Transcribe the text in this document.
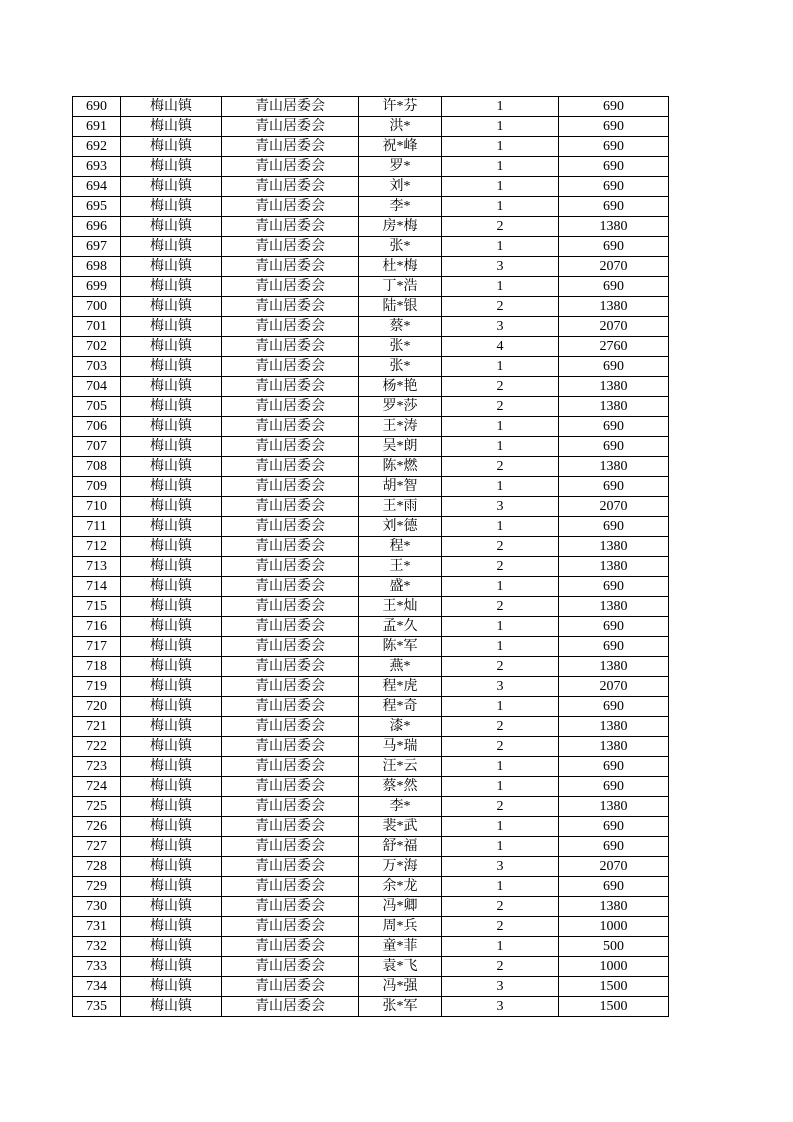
690	梅山镇	青山居委会	许*芬	1	690
691	梅山镇	青山居委会	洪*	1	690
692	梅山镇	青山居委会	祝*峰	1	690
693	梅山镇	青山居委会	罗*	1	690
694	梅山镇	青山居委会	刘*	1	690
695	梅山镇	青山居委会	李*	1	690
696	梅山镇	青山居委会	房*梅	2	1380
697	梅山镇	青山居委会	张*	1	690
698	梅山镇	青山居委会	杜*梅	3	2070
699	梅山镇	青山居委会	丁*浩	1	690
700	梅山镇	青山居委会	陆*银	2	1380
701	梅山镇	青山居委会	蔡*	3	2070
702	梅山镇	青山居委会	张*	4	2760
703	梅山镇	青山居委会	张*	1	690
704	梅山镇	青山居委会	杨*艳	2	1380
705	梅山镇	青山居委会	罗*莎	2	1380
706	梅山镇	青山居委会	王*涛	1	690
707	梅山镇	青山居委会	吴*朗	1	690
708	梅山镇	青山居委会	陈*燃	2	1380
709	梅山镇	青山居委会	胡*智	1	690
710	梅山镇	青山居委会	王*雨	3	2070
711	梅山镇	青山居委会	刘*德	1	690
712	梅山镇	青山居委会	程*	2	1380
713	梅山镇	青山居委会	王*	2	1380
714	梅山镇	青山居委会	盛*	1	690
715	梅山镇	青山居委会	王*灿	2	1380
716	梅山镇	青山居委会	孟*久	1	690
717	梅山镇	青山居委会	陈*军	1	690
718	梅山镇	青山居委会	燕*	2	1380
719	梅山镇	青山居委会	程*虎	3	2070
720	梅山镇	青山居委会	程*奇	1	690
721	梅山镇	青山居委会	漆*	2	1380
722	梅山镇	青山居委会	马*瑞	2	1380
723	梅山镇	青山居委会	汪*云	1	690
724	梅山镇	青山居委会	蔡*然	1	690
725	梅山镇	青山居委会	李*	2	1380
726	梅山镇	青山居委会	裴*武	1	690
727	梅山镇	青山居委会	舒*福	1	690
728	梅山镇	青山居委会	万*海	3	2070
729	梅山镇	青山居委会	余*龙	1	690
730	梅山镇	青山居委会	冯*卿	2	1380
731	梅山镇	青山居委会	周*兵	2	1000
732	梅山镇	青山居委会	童*菲	1	500
733	梅山镇	青山居委会	袁*飞	2	1000
734	梅山镇	青山居委会	冯*强	3	1500
735	梅山镇	青山居委会	张*军	3	1500
